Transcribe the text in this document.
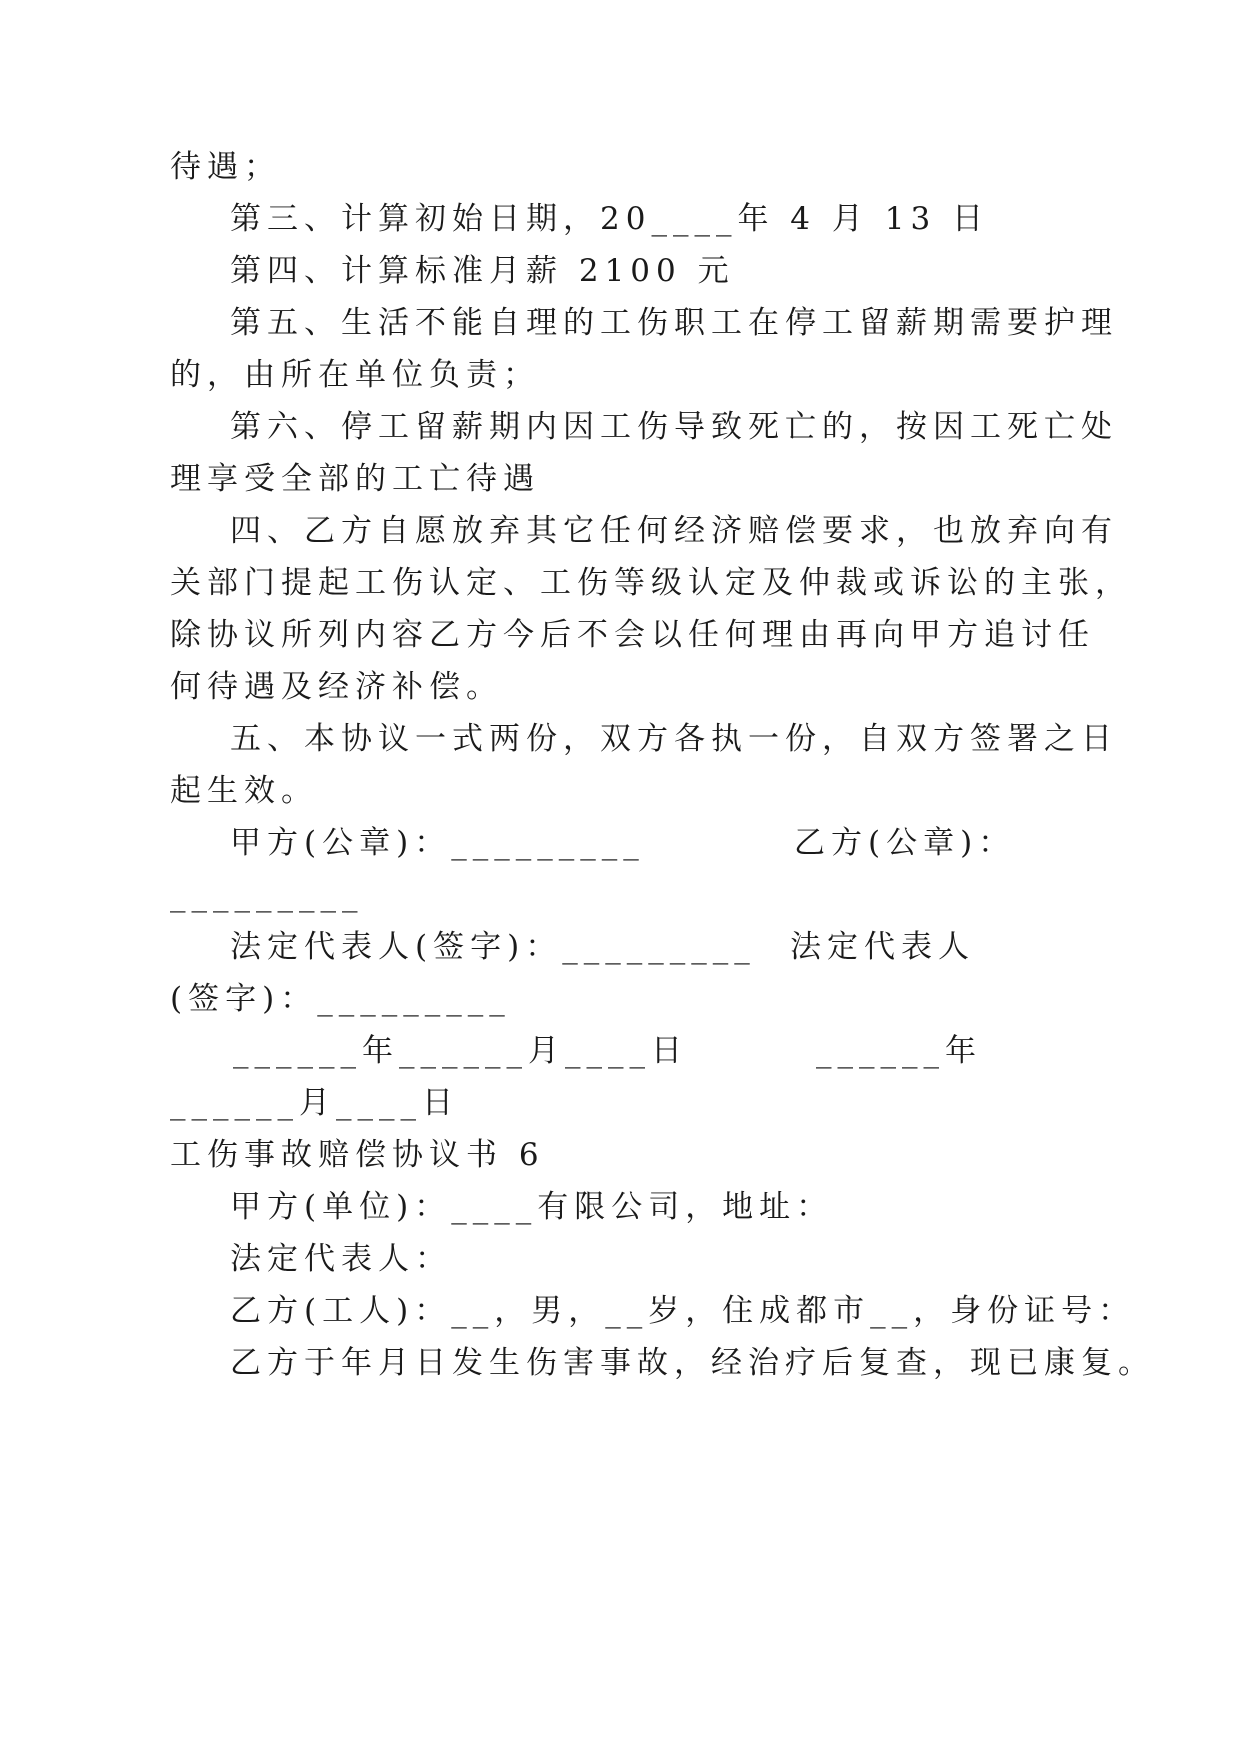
待遇；
第三、计算初始日期，20____年 4 月 13 日
第四、计算标准月薪 2100 元
第五、生活不能自理的工伤职工在停工留薪期需要护理
的，由所在单位负责；
第六、停工留薪期内因工伤导致死亡的，按因工死亡处
理享受全部的工亡待遇
四、乙方自愿放弃其它任何经济赔偿要求，也放弃向有
关部门提起工伤认定、工伤等级认定及仲裁或诉讼的主张，
除协议所列内容乙方今后不会以任何理由再向甲方追讨任
何待遇及经济补偿。
五、本协议一式两份，双方各执一份，自双方签署之日
起生效。
甲方(公章)：_________	乙方(公章)：
_________
法定代表人(签字)：_________ 法定代表人
(签字)：_________
______年______月____日	______年
______月____日
工伤事故赔偿协议书 6
甲方(单位)：____有限公司，地址：
法定代表人：
乙方(工人)：__，男，__岁，住成都市__，身份证号：
乙方于年月日发生伤害事故，经治疗后复查，现已康复。
